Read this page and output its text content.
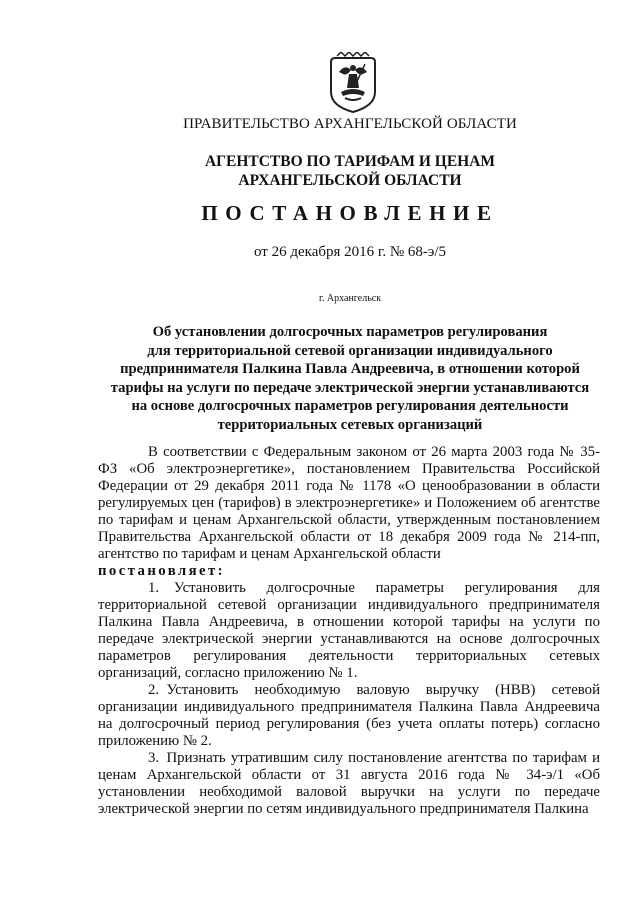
ПРАВИТЕЛЬСТВО АРХАНГЕЛЬСКОЙ ОБЛАСТИ
АГЕНТСТВО ПО ТАРИФАМ И ЦЕНАМ
АРХАНГЕЛЬСКОЙ ОБЛАСТИ
ПОСТАНОВЛЕНИЕ
от 26 декабря 2016 г. № 68-э/5
г. Архангельск
Об установлении долгосрочных параметров регулирования
для территориальной сетевой организации индивидуального
предпринимателя Палкина Павла Андреевича, в отношении которой
тарифы на услуги по передаче электрической энергии устанавливаются
на основе долгосрочных параметров регулирования деятельности
территориальных сетевых организаций

В соответствии с Федеральным законом от 26 марта 2003 года № 35-ФЗ «Об электроэнергетике», постановлением Правительства Российской Федерации от 29 декабря 2011 года № 1178 «О ценообразовании в области регулируемых цен (тарифов) в электроэнергетике» и Положением об агентстве по тарифам и ценам Архангельской области, утвержденным постановлением Правительства Архангельской области от 18 декабря 2009 года № 214-пп, агентство по тарифам и ценам Архангельской области

постановляет:

1. Установить долгосрочные параметры регулирования для территориальной сетевой организации индивидуального предпринимателя Палкина Павла Андреевича, в отношении которой тарифы на услуги по передаче электрической энергии устанавливаются на основе долгосрочных параметров регулирования деятельности территориальных сетевых организаций, согласно приложению № 1.

2. Установить необходимую валовую выручку (НВВ) сетевой организации индивидуального предпринимателя Палкина Павла Андреевича на долгосрочный период регулирования (без учета оплаты потерь) согласно приложению № 2.

3. Признать утратившим силу постановление агентства по тарифам и ценам Архангельской области от 31 августа 2016 года № 34-э/1 «Об установлении необходимой валовой выручки на услуги по передаче электрической энергии по сетям индивидуального предпринимателя Палкина
